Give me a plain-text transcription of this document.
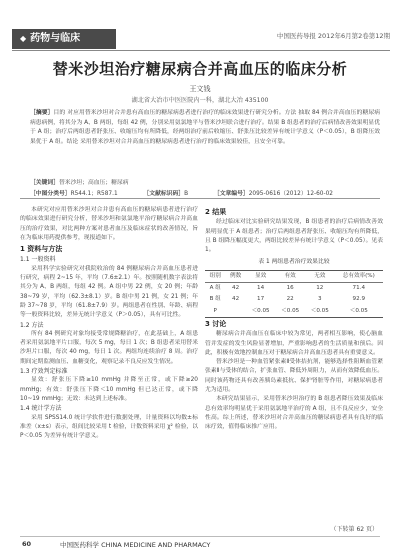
◆ 药物与临床	中国医药导报 2012年6月第2卷第12期
替米沙坦治疗糖尿病合并高血压的临床分析
王文钱
湖北省大冶市中医医院内一科，湖北大冶 435100
［摘要］目的 对应用替米沙坦对合并患有高血压的糖尿病患者进行治疗的临床效果进行研究分析。方法 抽取 84 例合并高血压的糖尿病病患病例，将其分为 A、B 两组，每组 42 例，分别采用氨氯地平与替米沙坦联合进行治疗。结果 B 组患者的治疗后病情改善效果明显优于 A 组；治疗后两组患者舒张压、收缩压均有所降低，经两组治疗前后收缩压、舒张压比较差异有统计学意义（P＜0.05），B 组降压效果优于 A 组。结论 采用替米沙坦对合并高血压的糖尿病患者进行治疗的临床效果较佳，且安全可靠。
［关键词］替米沙坦；高血压；糖尿病
［中图分类号］R544.1；R587.1	［文献标识码］B	［文章编号］2095-0616（2012）12-60-02

本研究对应用替米沙坦对合并患有高血压的糖尿病患者进行治疗的临床效果进行研究分析，替米沙坦和氨氯地平治疗糖尿病合并高血压的治疗效果，对比两种方案对患者血压及临床症状的改善情况，旨在为临床用药提供参考，现报道如下。

1 资料与方法
1.1 一般资料

采用科学实验研究对我院收治的 84 例糖尿病合并高血压患者进行研究，病程 2~15 年，平均（7.6±2.1）年。按照随机数字表法将其分为 A、B 两组，每组 42 例。A 组中男 22 例，女 20 例；年龄 38~79 岁，平均（62.3±8.1）岁。B 组中男 21 例，女 21 例；年龄 37~78 岁，平均（61.8±7.9）岁。两组患者在性别、年龄、病程等一般资料比较，差异无统计学意义（P＞0.05），具有可比性。

1.2 方法

所有 84 例研究对象均接受常规降糖治疗，在此基础上，A 组患者采用氨氯地平片口服，每次 5 mg，每日 1 次；B 组患者采用替米沙坦片口服，每次 40 mg，每日 1 次。两组均连续治疗 8 周。治疗期间定期监测血压、血糖变化，观察记录不良反应发生情况。

1.3 疗效判定标准

显效：舒张压下降≥10 mmHg 并降至正常，或下降≥20 mmHg；有效：舒张压下降＜10 mmHg 但已达正常，或下降 10~19 mmHg；无效：未达到上述标准。

1.4 统计学方法

采用 SPSS14.0 统计学软件进行数据处理，计量资料以均数±标准差（x±s）表示，组间比较采用 t 检验，计数资料采用 χ² 检验，以 P＜0.05 为差异有统计学意义。

2 结果

经过临床对比实验研究结果发现，B 组患者的治疗后病情改善效果明显优于 A 组患者；治疗后两组患者舒张压、收缩压均有所降低，且 B 组降压幅度更大，两组比较差异有统计学意义（P＜0.05）。见表 1。

表 1 两组患者治疗效果比较
组别	例数	显效	有效	无效	总有效率(%)
A 组	42	14	16	12	71.4
B 组	42	17	22	3	92.9
P		＜0.05	＜0.05	＜0.05	＜0.05
3 讨论

糖尿病合并高血压在临床中较为常见，两者相互影响，使心脑血管并发症的发生风险显著增加，严重影响患者的生活质量和预后。因此，积极有效地控制血压对于糖尿病合并高血压患者具有重要意义。

替米沙坦是一种血管紧张素Ⅱ受体拮抗剂，能够选择性阻断血管紧张素Ⅱ与受体的结合，扩张血管、降低外周阻力，从而有效降低血压。同时该药物还具有改善胰岛素抵抗、保护肾脏等作用，对糖尿病患者尤为适用。

本研究结果显示，采用替米沙坦治疗的 B 组患者降压效果及临床总有效率均明显优于采用氨氯地平治疗的 A 组，且不良反应少，安全性高。综上所述，替米沙坦对合并高血压的糖尿病患者具有良好的临床疗效，值得临床推广应用。

（下转第 62 页）
60	中国医药科学 CHINA MEDICINE AND PHARMACY
